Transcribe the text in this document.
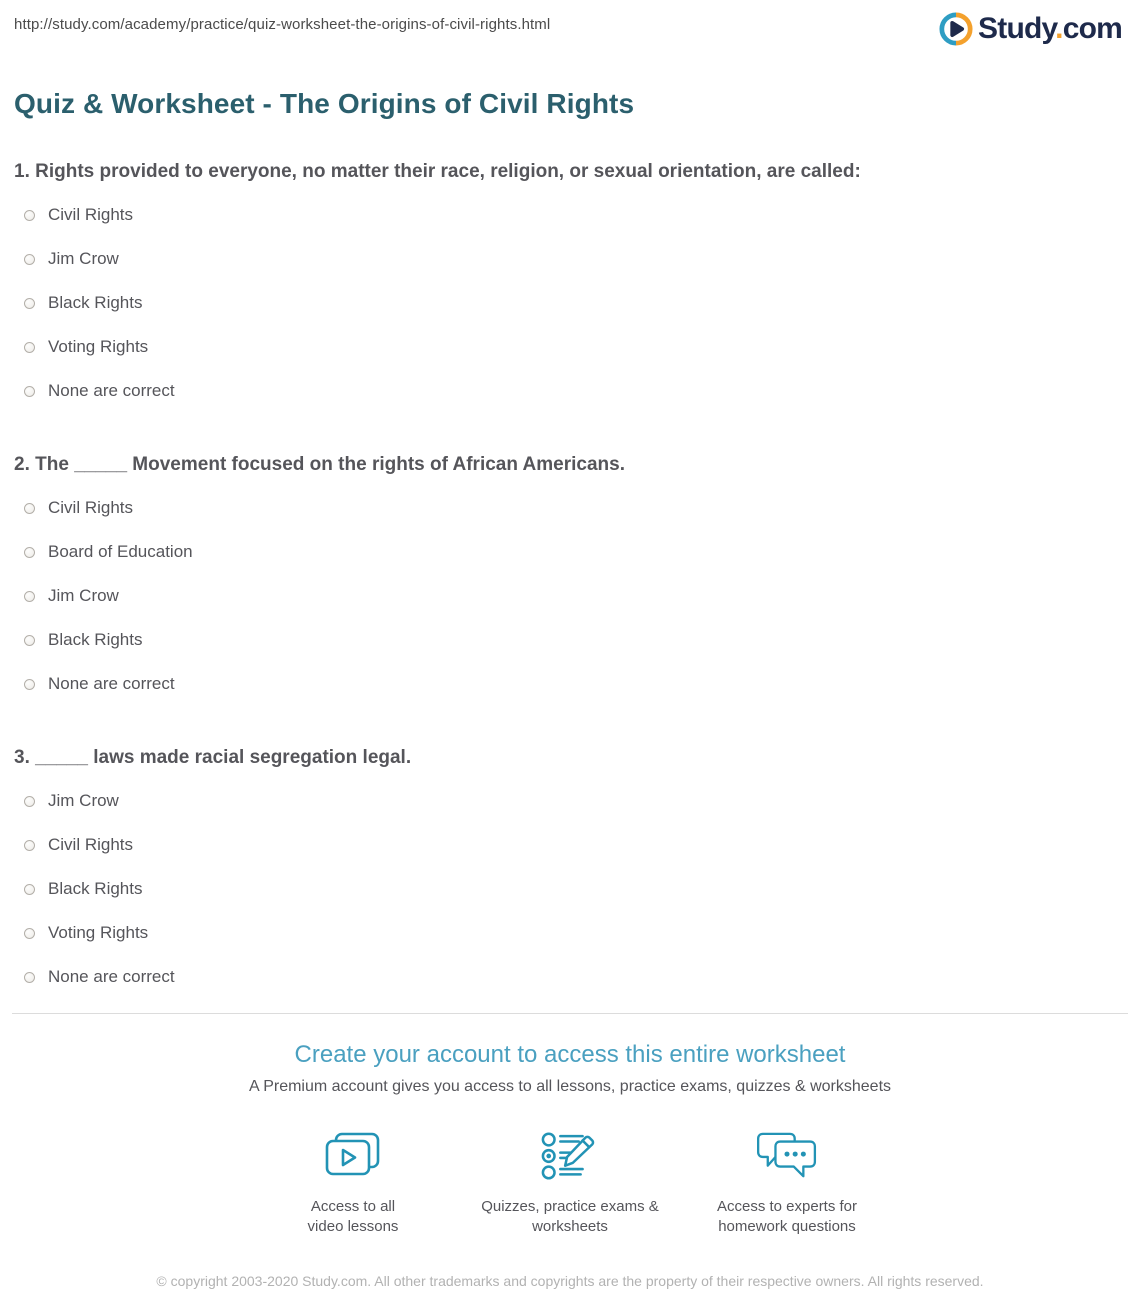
http://study.com/academy/practice/quiz-worksheet-the-origins-of-civil-rights.html	Study.com
Quiz & Worksheet - The Origins of Civil Rights
1. Rights provided to everyone, no matter their race, religion, or sexual orientation, are called:
Civil Rights
Jim Crow
Black Rights
Voting Rights
None are correct
2. The _____ Movement focused on the rights of African Americans.
Civil Rights
Board of Education
Jim Crow
Black Rights
None are correct
3. _____ laws made racial segregation legal.
Jim Crow
Civil Rights
Black Rights
Voting Rights
None are correct
Create your account to access this entire worksheet

A Premium account gives you access to all lessons, practice exams, quizzes & worksheets

Access to all video lessons
Quizzes, practice exams & worksheets
Access to experts for homework questions

© copyright 2003-2020 Study.com. All other trademarks and copyrights are the property of their respective owners. All rights reserved.
